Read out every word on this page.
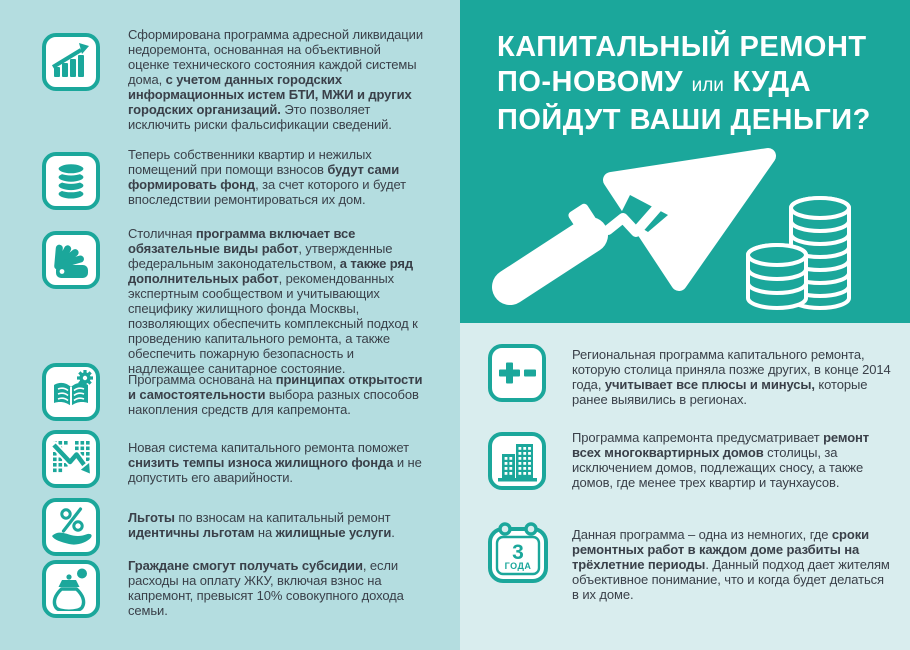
Сформирована программа адресной ликвидации недоремонта, основанная на объективной оценке технического состояния каждой системы дома, с учетом данных городских информационных истем БТИ, МЖИ и других городских организаций. Это позволяет исключить риски фальсификации сведений.

Теперь собственники квартир и нежилых помещений при помощи взносов будут сами формировать фонд, за счет которого и будет впоследствии ремонтироваться их дом.

Столичная программа включает все обязательные виды работ, утвержденные федеральным законодательством, а также ряд дополнительных работ, рекомендованных экспертным сообществом и учитывающих специфику жилищного фонда Москвы, позволяющих обеспечить комплексный подход к проведению капитального ремонта, а также обеспечить пожарную безопасность и надлежащее санитарное состояние.

Программа основана на принципах открытости и самостоятельности выбора разных способов накопления средств для капремонта.

Новая система капитального ремонта поможет снизить темпы износа жилищного фонда и не допустить его аварийности.

Льготы по взносам на капитальный ремонт идентичны льготам на жилищные услуги.

Граждане смогут получать субсидии, если расходы на оплату ЖКУ, включая взнос на капремонт, превысят 10% совокупного дохода семьи.

КАПИТАЛЬНЫЙ РЕМОНТ
ПО-НОВОМУ или КУДА
ПОЙДУТ ВАШИ ДЕНЬГИ?

Региональная программа капитального ремонта, которую столица приняла позже других, в конце 2014 года, учитывает все плюсы и минусы, которые ранее выявились в регионах.

Программа капремонта предусматривает ремонт всех многоквартирных домов столицы, за исключением домов, подлежащих сносу, а также домов, где менее трех квартир и таунхаусов.

3
ГОДА

Данная программа – одна из немногих, где сроки ремонтных работ в каждом доме разбиты на трёхлетние периоды. Данный подход дает жителям объективное понимание, что и когда будет делаться в их доме.
